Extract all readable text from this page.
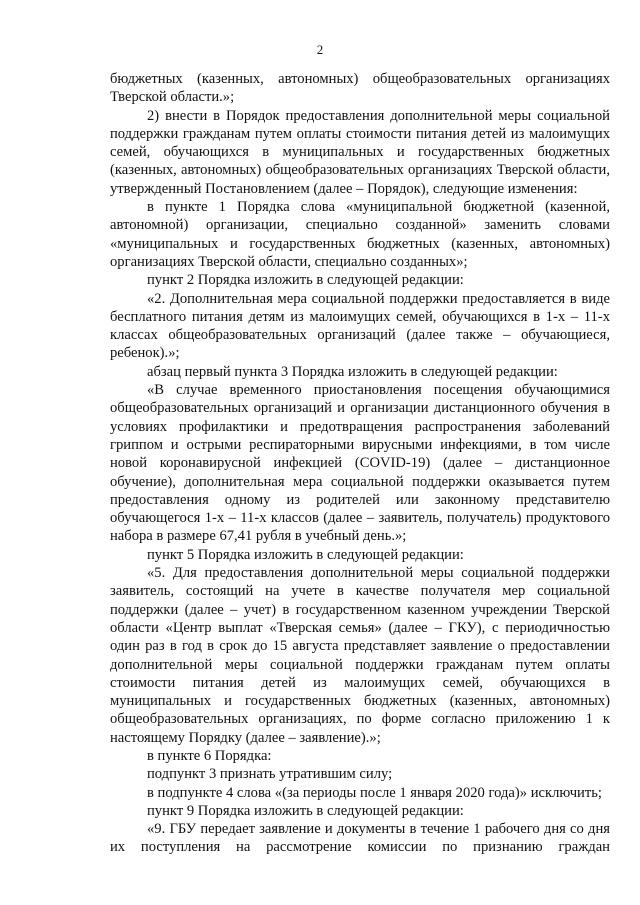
2

бюджетных (казенных, автономных) общеобразовательных организациях Тверской области.»;

2) внести в Порядок предоставления дополнительной меры социальной поддержки гражданам путем оплаты стоимости питания детей из малоимущих семей, обучающихся в муниципальных и государственных бюджетных (казенных, автономных) общеобразовательных организациях Тверской области, утвержденный Постановлением (далее – Порядок), следующие изменения:

в пункте 1 Порядка слова «муниципальной бюджетной (казенной, автономной) организации, специально созданной» заменить словами «муниципальных и государственных бюджетных (казенных, автономных) организациях Тверской области, специально созданных»;

пункт 2 Порядка изложить в следующей редакции:

«2. Дополнительная мера социальной поддержки предоставляется в виде бесплатного питания детям из малоимущих семей, обучающихся в 1-х – 11-х классах общеобразовательных организаций (далее также – обучающиеся, ребенок).»;

абзац первый пункта 3 Порядка изложить в следующей редакции:

«В случае временного приостановления посещения обучающимися общеобразовательных организаций и организации дистанционного обучения в условиях профилактики и предотвращения распространения заболеваний гриппом и острыми респираторными вирусными инфекциями, в том числе новой коронавирусной инфекцией (COVID-19) (далее – дистанционное обучение), дополнительная мера социальной поддержки оказывается путем предоставления одному из родителей или законному представителю обучающегося 1-х – 11-х классов (далее – заявитель, получатель) продуктового набора в размере 67,41 рубля в учебный день.»;

пункт 5 Порядка изложить в следующей редакции:

«5. Для предоставления дополнительной меры социальной поддержки заявитель, состоящий на учете в качестве получателя мер социальной поддержки (далее – учет) в государственном казенном учреждении Тверской области «Центр выплат «Тверская семья» (далее – ГКУ), с периодичностью один раз в год в срок до 15 августа представляет заявление о предоставлении дополнительной меры социальной поддержки гражданам путем оплаты стоимости питания детей из малоимущих семей, обучающихся в муниципальных и государственных бюджетных (казенных, автономных) общеобразовательных организациях, по форме согласно приложению 1 к настоящему Порядку (далее – заявление).»;

в пункте 6 Порядка:

подпункт 3 признать утратившим силу;

в подпункте 4 слова «(за периоды после 1 января 2020 года)» исключить;

пункт 9 Порядка изложить в следующей редакции:

«9. ГБУ передает заявление и документы в течение 1 рабочего дня со дня их поступления на рассмотрение комиссии по признанию граждан
